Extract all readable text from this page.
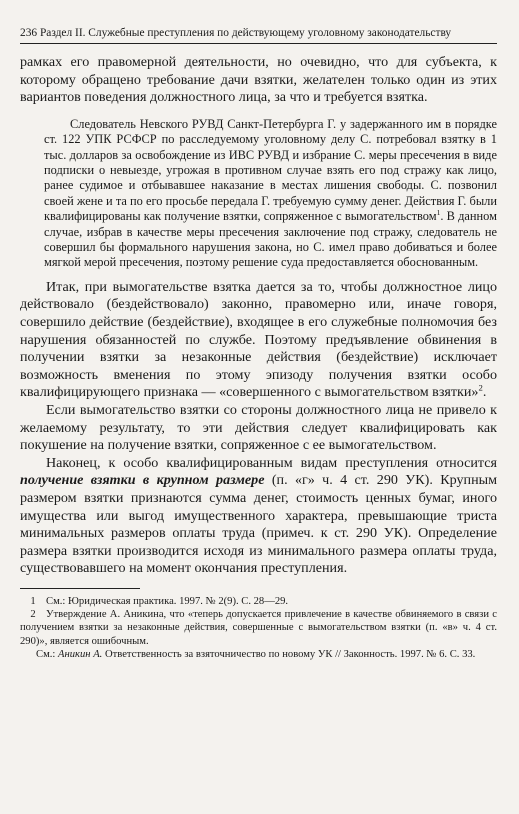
236 Раздел II. Служебные преступления по действующему уголовному законодательству

рамках его правомерной деятельности, но очевидно, что для субъекта, к которому обращено требование дачи взятки, желателен только один из этих вариантов поведения должностного лица, за что и требуется взятка.

Следователь Невского РУВД Санкт-Петербурга Г. у задержанного им в порядке ст. 122 УПК РСФСР по расследуемому уголовному делу С. потребовал взятку в 1 тыс. долларов за освобождение из ИВС РУВД и избрание С. меры пресечения в виде подписки о невыезде, угрожая в противном случае взять его под стражу как лицо, ранее судимое и отбывавшее наказание в местах лишения свободы. С. позвонил своей жене и та по его просьбе передала Г. требуемую сумму денег. Действия Г. были квалифицированы как получение взятки, сопряженное с вымогательством$^1$. В данном случае, избрав в качестве меры пресечения заключение под стражу, следователь не совершил бы формального нарушения закона, но С. имел право добиваться и более мягкой мерой пресечения, поэтому решение суда предоставляется обоснованным.

Итак, при вымогательстве взятка дается за то, чтобы должностное лицо действовало (бездействовало) законно, правомерно или, иначе говоря, совершило действие (бездействие), входящее в его служебные полномочия без нарушения обязанностей по службе. Поэтому предъявление обвинения в получении взятки за незаконные действия (бездействие) исключает возможность вменения по этому эпизоду получения взятки особо квалифицирующего признака — «совершенного с вымогательством взятки»$^2$.

Если вымогательство взятки со стороны должностного лица не привело к желаемому результату, то эти действия следует квалифицировать как покушение на получение взятки, сопряженное с ее вымогательством.

Наконец, к особо квалифицированным видам преступления относится получение взятки в крупном размере (п. «г» ч. 4 ст. 290 УК). Крупным размером взятки признаются сумма денег, стоимость ценных бумаг, иного имущества или выгод имущественного характера, превышающие триста минимальных размеров оплаты труда (примеч. к ст. 290 УК). Определение размера взятки производится исходя из минимального размера оплаты труда, существовавшего на момент окончания преступления.

1 См.: Юридическая практика. 1997. № 2(9). С. 28—29.

2 Утверждение А. Аникина, что «теперь допускается привлечение в качестве обвиняемого в связи с получением взятки за незаконные действия, совершенные с вымогательством взятки (п. «в» ч. 4 ст. 290)», является ошибочным.

См.: Аникин А. Ответственность за взяточничество по новому УК // Законность. 1997. № 6. С. 33.
